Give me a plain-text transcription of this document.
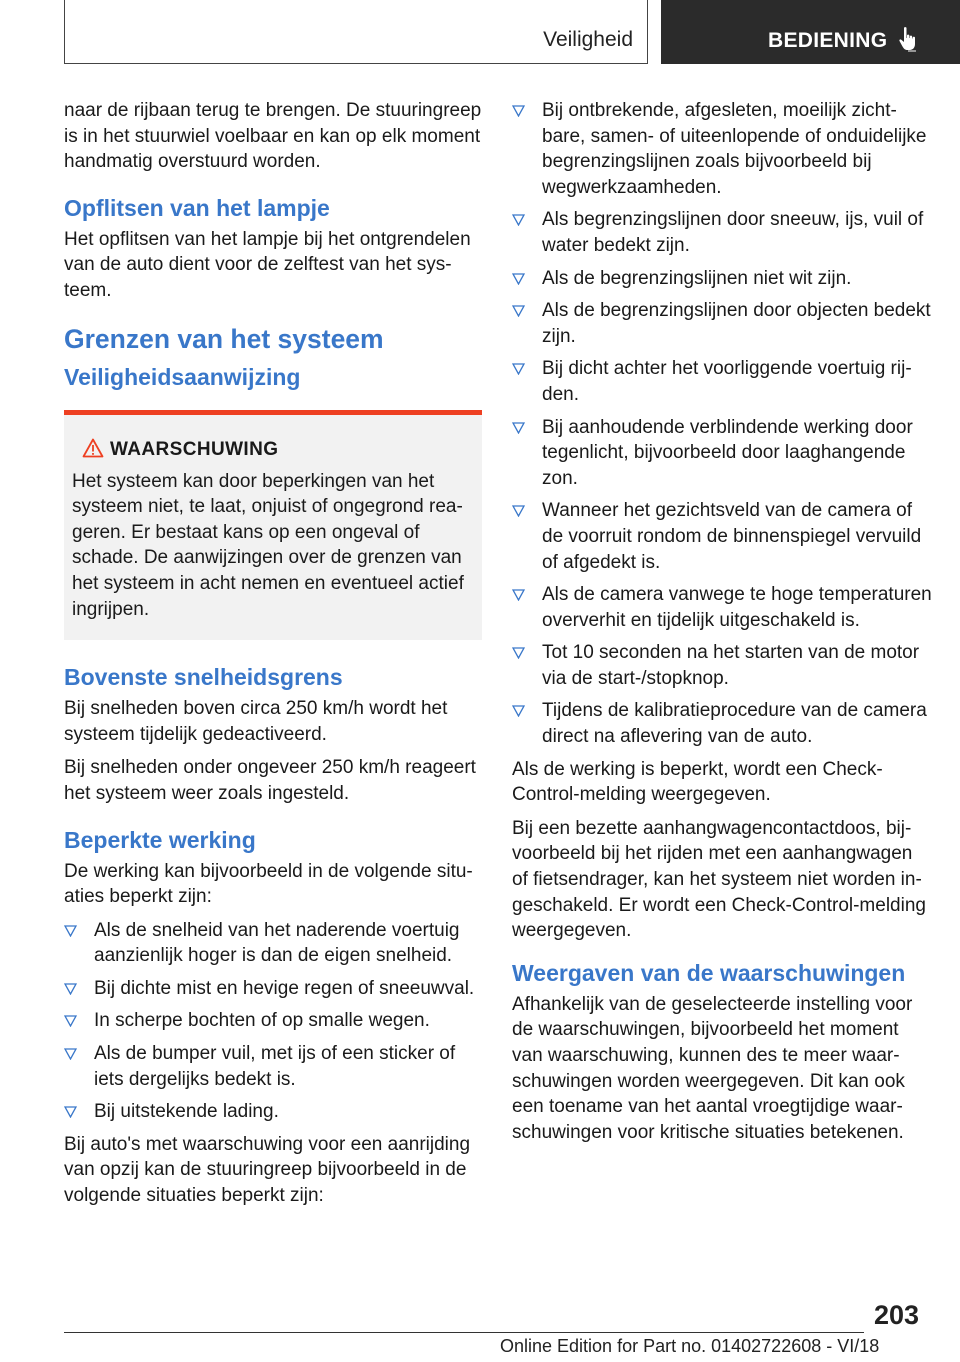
Veiligheid	BEDIENING

naar de rijbaan terug te brengen. De stuuringreep is in het stuurwiel voelbaar en kan op elk moment handmatig overstuurd worden.

Opflitsen van het lampje

Het opflitsen van het lampje bij het ontgrendelen van de auto dient voor de zelftest van het systeem.

Grenzen van het systeem
Veiligheidsaanwijzing
WAARSCHUWING

Het systeem kan door beperkingen van het systeem niet, te laat, onjuist of ongegrond reageren. Er bestaat kans op een ongeval of schade. De aanwijzingen over de grenzen van het systeem in acht nemen en eventueel actief ingrijpen.

Bovenste snelheidsgrens

Bij snelheden boven circa 250 km/h wordt het systeem tijdelijk gedeactiveerd.

Bij snelheden onder ongeveer 250 km/h reageert het systeem weer zoals ingesteld.

Beperkte werking

De werking kan bijvoorbeeld in de volgende situaties beperkt zijn:

Als de snelheid van het naderende voertuig aanzienlijk hoger is dan de eigen snelheid.
Bij dichte mist en hevige regen of sneeuwval.
In scherpe bochten of op smalle wegen.
Als de bumper vuil, met ijs of een sticker of iets dergelijks bedekt is.
Bij uitstekende lading.

Bij auto's met waarschuwing voor een aanrijding van opzij kan de stuuringreep bijvoorbeeld in de volgende situaties beperkt zijn:

Bij ontbrekende, afgesleten, moeilijk zichtbare, samen- of uiteenlopende of onduidelijke begrenzingslijnen zoals bijvoorbeeld bij wegwerkzaamheden.
Als begrenzingslijnen door sneeuw, ijs, vuil of water bedekt zijn.
Als de begrenzingslijnen niet wit zijn.
Als de begrenzingslijnen door objecten bedekt zijn.
Bij dicht achter het voorliggende voertuig rijden.
Bij aanhoudende verblindende werking door tegenlicht, bijvoorbeeld door laaghangende zon.
Wanneer het gezichtsveld van de camera of de voorruit rondom de binnenspiegel vervuild of afgedekt is.
Als de camera vanwege te hoge temperaturen oververhit en tijdelijk uitgeschakeld is.
Tot 10 seconden na het starten van de motor via de start-/stopknop.
Tijdens de kalibratieprocedure van de camera direct na aflevering van de auto.

Als de werking is beperkt, wordt een Check-Control-melding weergegeven.

Bij een bezette aanhangwagencontactdoos, bijvoorbeeld bij het rijden met een aanhangwagen of fietsendrager, kan het systeem niet worden ingeschakeld. Er wordt een Check-Control-melding weergegeven.

Weergaven van de waarschuwingen

Afhankelijk van de geselecteerde instelling voor de waarschuwingen, bijvoorbeeld het moment van waarschuwing, kunnen des te meer waarschuwingen worden weergegeven. Dit kan ook een toename van het aantal vroegtijdige waarschuwingen voor kritische situaties betekenen.

203
Online Edition for Part no. 01402722608 - VI/18
